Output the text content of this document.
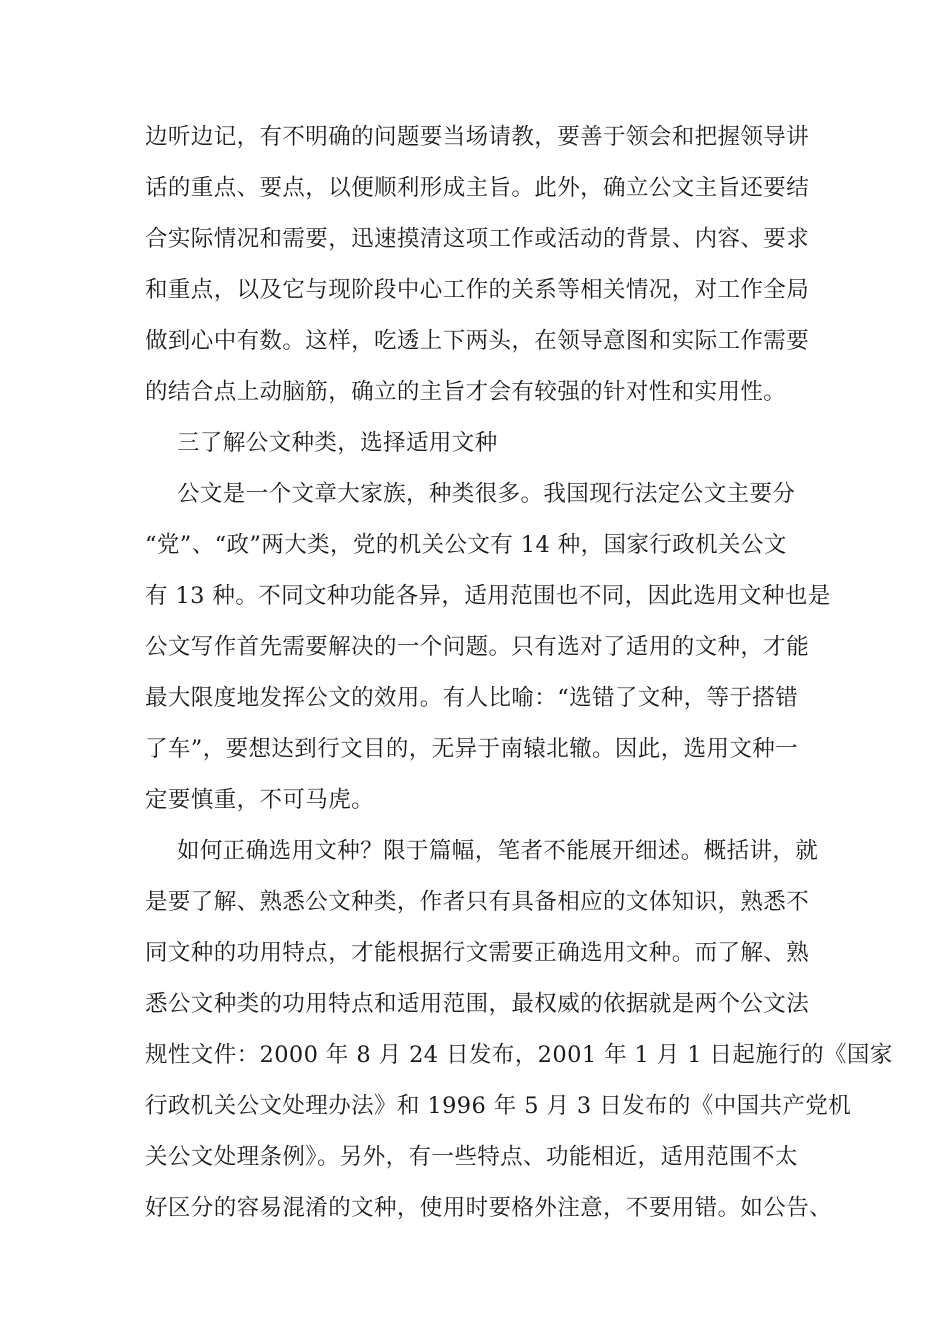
边听边记，有不明确的问题要当场请教，要善于领会和把握领导讲
话的重点、要点，以便顺利形成主旨。此外，确立公文主旨还要结
合实际情况和需要，迅速摸清这项工作或活动的背景、内容、要求
和重点，以及它与现阶段中心工作的关系等相关情况，对工作全局
做到心中有数。这样，吃透上下两头，在领导意图和实际工作需要
的结合点上动脑筋，确立的主旨才会有较强的针对性和实用性。
三了解公文种类，选择适用文种
公文是一个文章大家族，种类很多。我国现行法定公文主要分
“党”、“政”两大类，党的机关公文有 14 种，国家行政机关公文
有 13 种。不同文种功能各异，适用范围也不同，因此选用文种也是
公文写作首先需要解决的一个问题。只有选对了适用的文种，才能
最大限度地发挥公文的效用。有人比喻：“选错了文种，等于搭错
了车”，要想达到行文目的，无异于南辕北辙。因此，选用文种一
定要慎重，不可马虎。
如何正确选用文种？限于篇幅，笔者不能展开细述。概括讲，就
是要了解、熟悉公文种类，作者只有具备相应的文体知识，熟悉不
同文种的功用特点，才能根据行文需要正确选用文种。而了解、熟
悉公文种类的功用特点和适用范围，最权威的依据就是两个公文法
规性文件：2000 年 8 月 24 日发布，2001 年 1 月 1 日起施行的《国家
行政机关公文处理办法》和 1996 年 5 月 3 日发布的《中国共产党机
关公文处理条例》。另外，有一些特点、功能相近，适用范围不太
好区分的容易混淆的文种，使用时要格外注意，不要用错。如公告、
